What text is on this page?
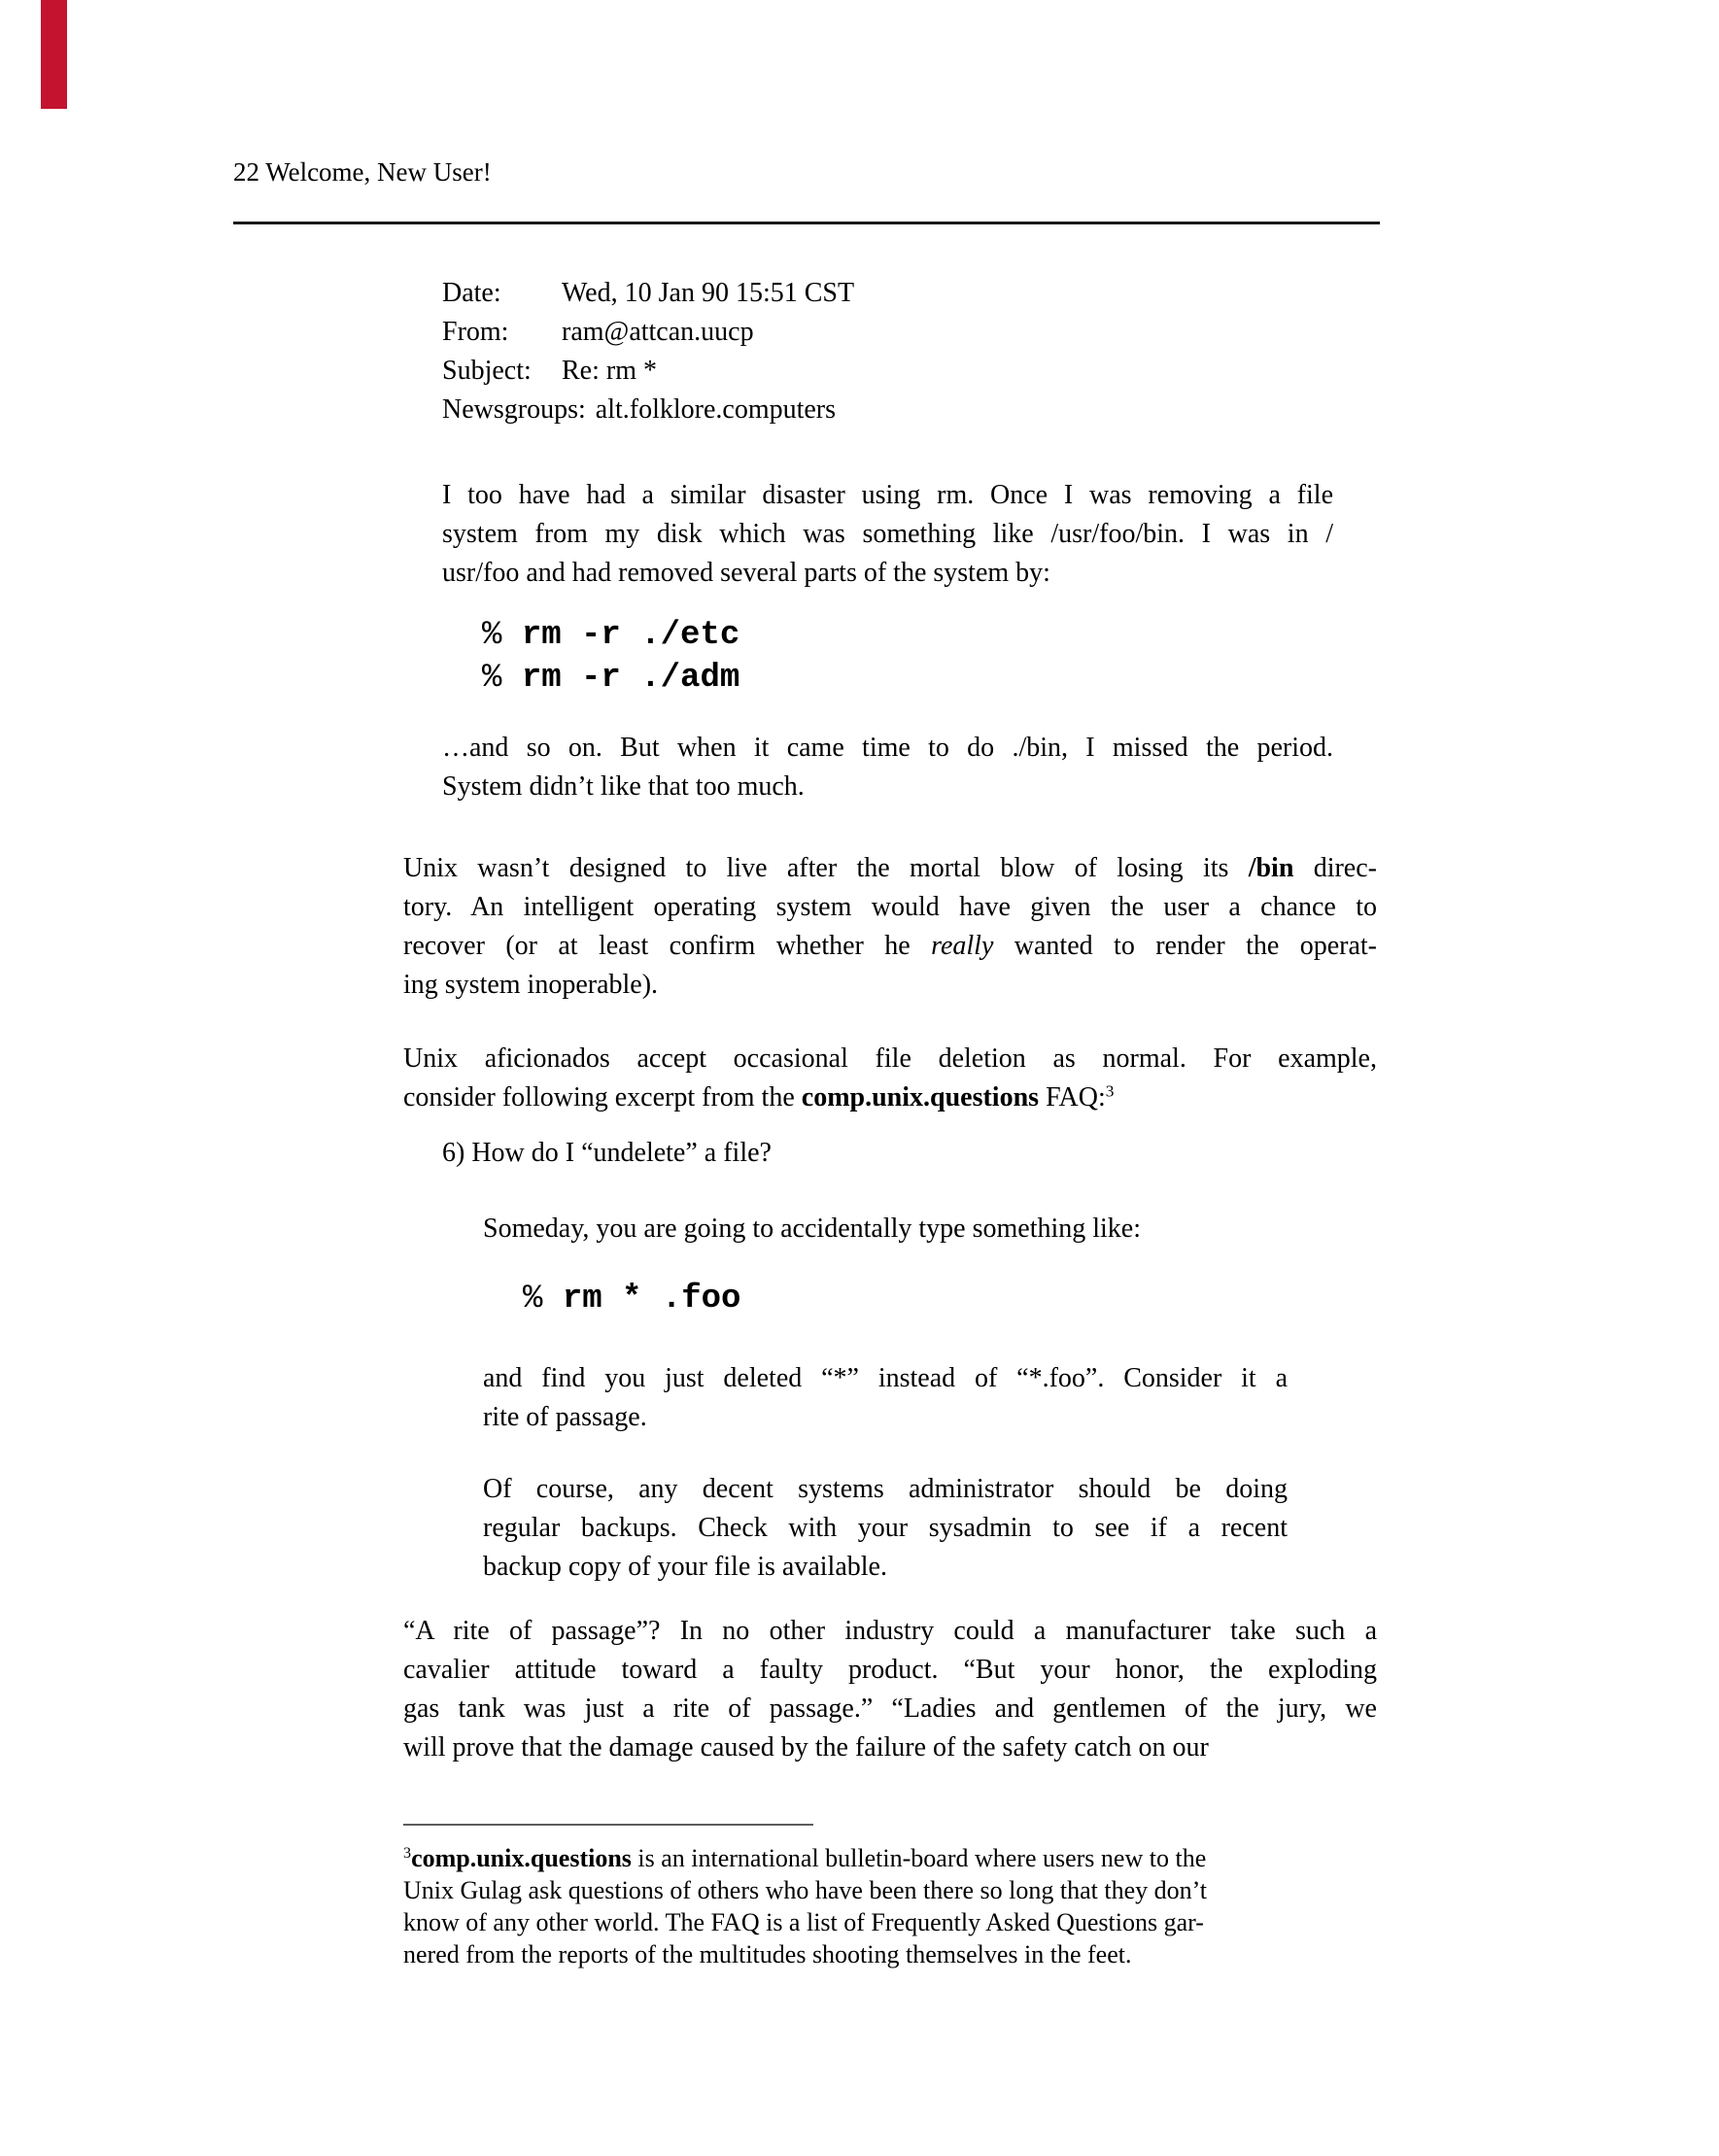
22 Welcome, New User!
Date: Wed, 10 Jan 90 15:51 CST
From: ram@attcan.uucp
Subject: Re: rm *
Newsgroups: alt.folklore.computers
I too have had a similar disaster using rm. Once I was removing a file
system from my disk which was something like /usr/foo/bin. I was in /
usr/foo and had removed several parts of the system by:
% rm -r ./etc
% rm -r ./adm
…and so on. But when it came time to do ./bin, I missed the period.
System didn’t like that too much.
Unix wasn’t designed to live after the mortal blow of losing its /bin direc-
tory. An intelligent operating system would have given the user a chance to
recover (or at least confirm whether he really wanted to render the operat-
ing system inoperable).
Unix aficionados accept occasional file deletion as normal. For example,
consider following excerpt from the comp.unix.questions FAQ:$^3$
6) How do I “undelete” a file?
Someday, you are going to accidentally type something like:
% rm * .foo
and find you just deleted “*” instead of “*.foo”. Consider it a
rite of passage.
Of course, any decent systems administrator should be doing
regular backups. Check with your sysadmin to see if a recent
backup copy of your file is available.
“A rite of passage”? In no other industry could a manufacturer take such a
cavalier attitude toward a faulty product. “But your honor, the exploding
gas tank was just a rite of passage.” “Ladies and gentlemen of the jury, we
will prove that the damage caused by the failure of the safety catch on our
$^3$comp.unix.questions is an international bulletin-board where users new to the
Unix Gulag ask questions of others who have been there so long that they don’t
know of any other world. The FAQ is a list of Frequently Asked Questions gar-
nered from the reports of the multitudes shooting themselves in the feet.
